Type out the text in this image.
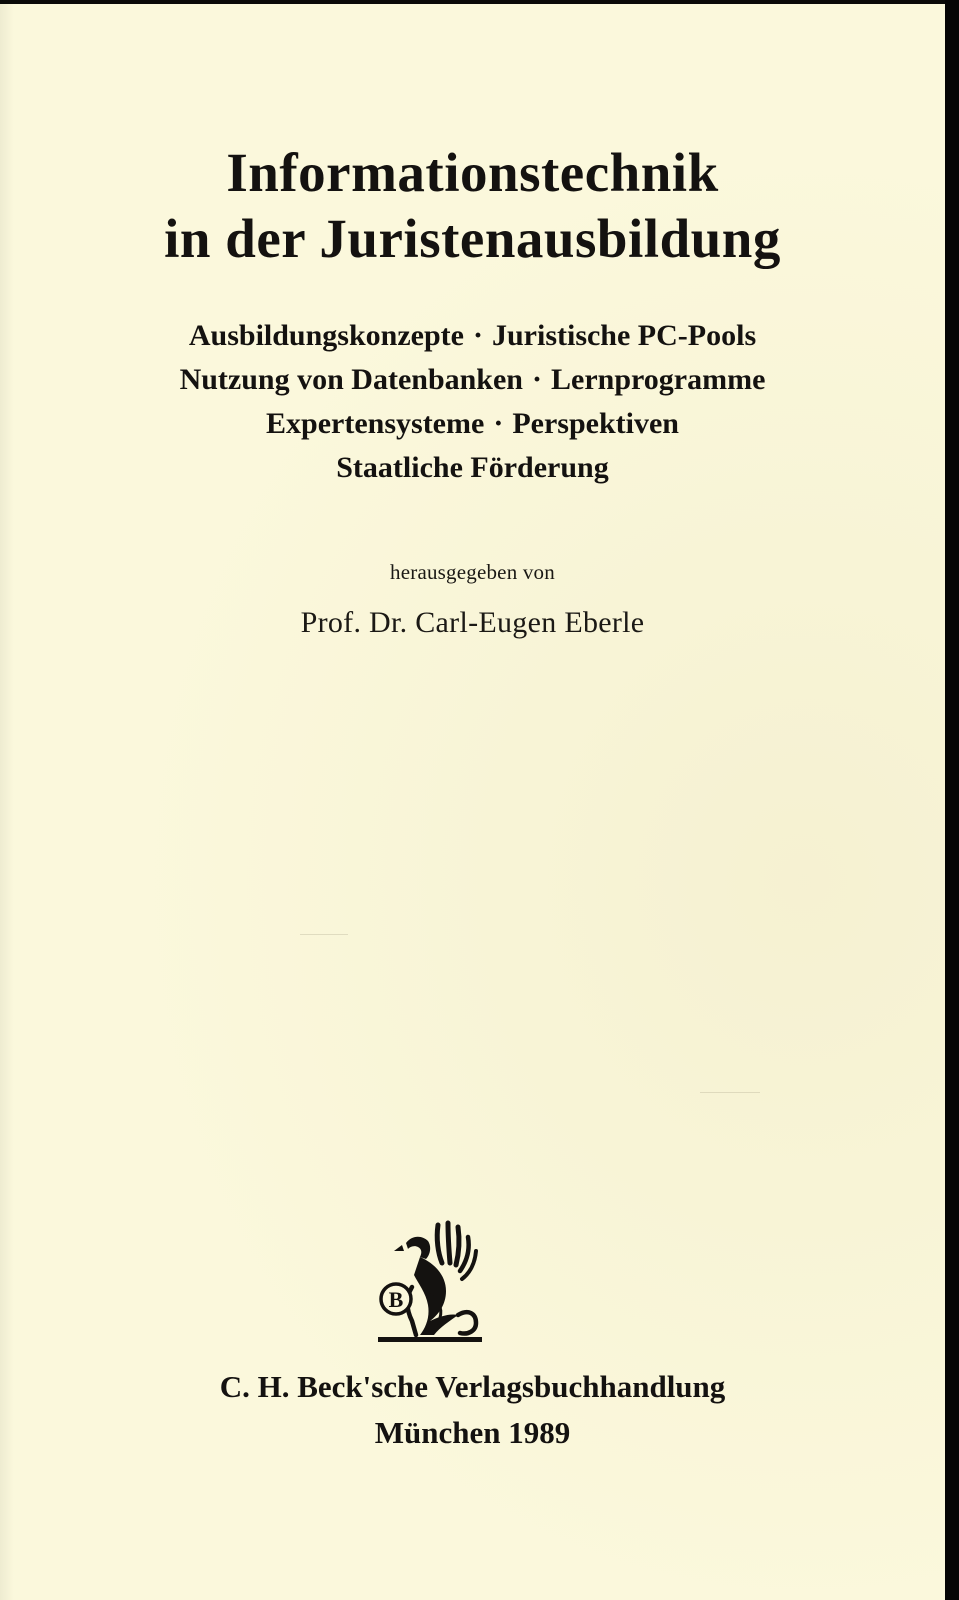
Informationstechnik
in der Juristenausbildung
Ausbildungskonzepte · Juristische PC-Pools
Nutzung von Datenbanken · Lernprogramme
Expertensysteme · Perspektiven
Staatliche Förderung
herausgegeben von
Prof. Dr. Carl-Eugen Eberle
B
C. H. Beck'sche Verlagsbuchhandlung
München 1989
